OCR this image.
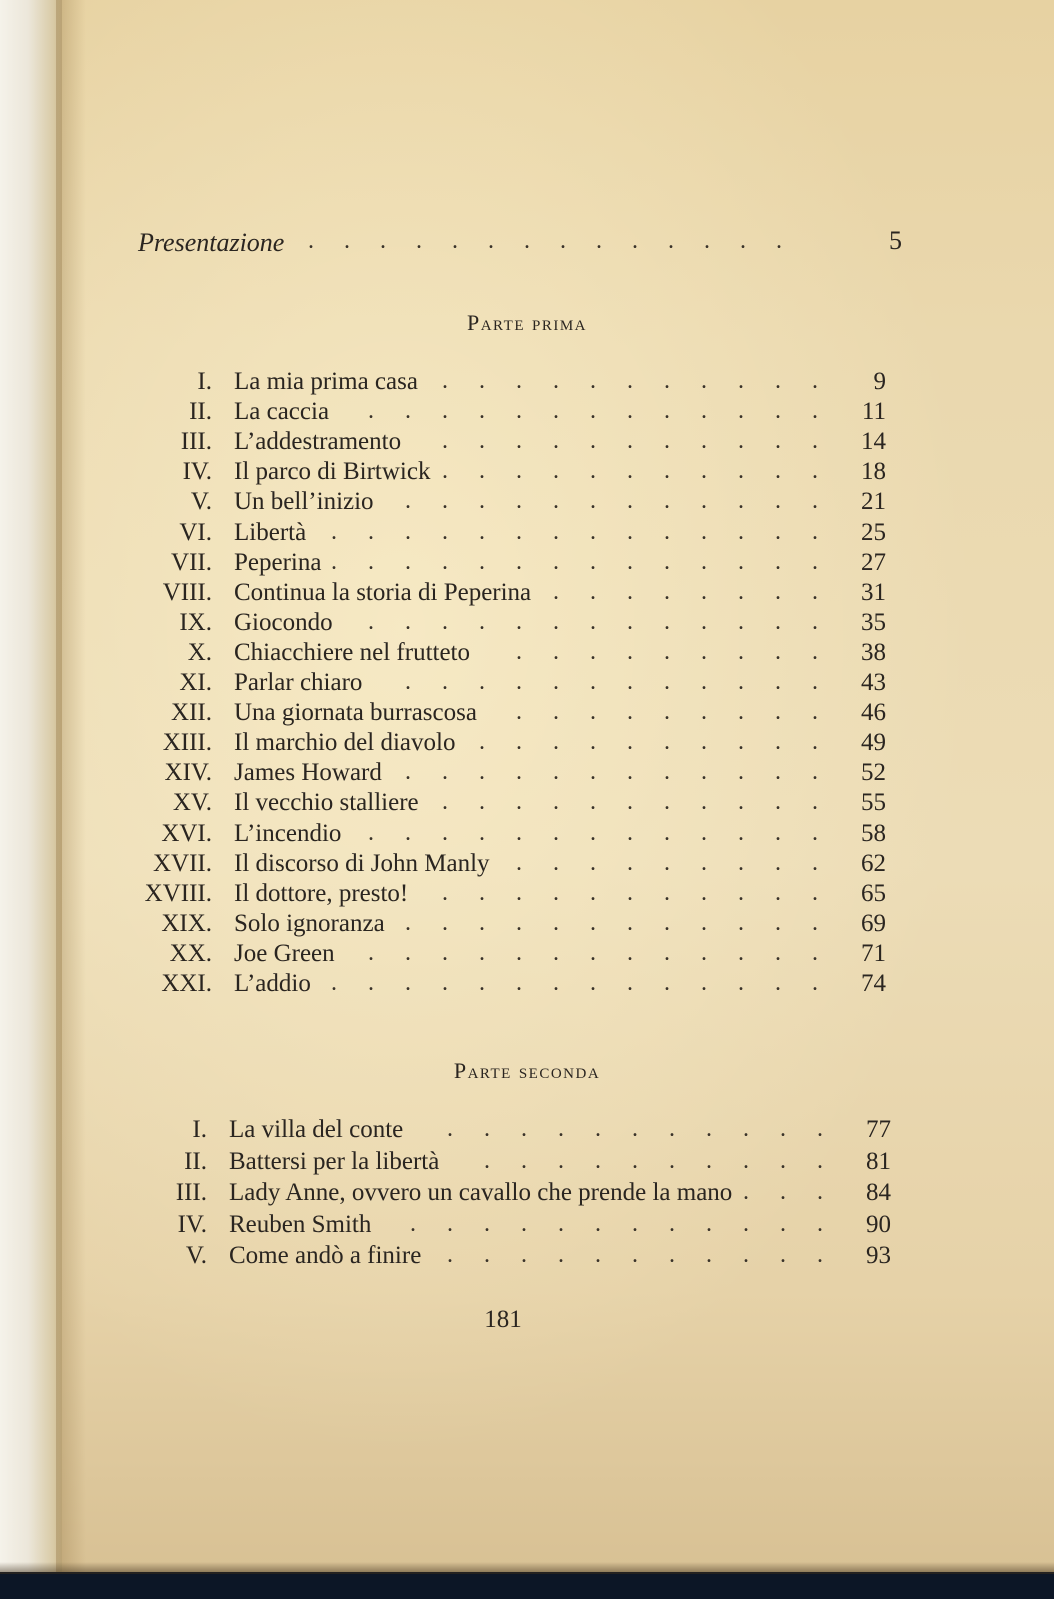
Presentazione .     .     .     .     .     .     .     .     .     .     .     .     .     .	5
Parte prima
I. La mia prima casa . . . . . . . . . . . 9
II. La caccia . . . . . . . . . . . . . 11
III. L’addestramento . . . . . . . . . . . 14
IV. Il parco di Birtwick . . . . . . . . . . . 18
V. Un bell’inizio . . . . . . . . . . . . 21
VI. Libertà . . . . . . . . . . . . . . 25
VII. Peperina . . . . . . . . . . . . . . 27
VIII. Continua la storia di Peperina . . . . . . . . 31
IX. Giocondo . . . . . . . . . . . . . 35
X. Chiacchiere nel frutteto . . . . . . . . . 38
XI. Parlar chiaro . . . . . . . . . . . . 43
XII. Una giornata burrascosa . . . . . . . . . 46
XIII. Il marchio del diavolo . . . . . . . . . . 49
XIV. James Howard . . . . . . . . . . . . 52
XV. Il vecchio stalliere . . . . . . . . . . . 55
XVI. L’incendio . . . . . . . . . . . . . 58
XVII. Il discorso di John Manly . . . . . . . . . 62
XVIII. Il dottore, presto! . . . . . . . . . . . 65
XIX. Solo ignoranza . . . . . . . . . . . . 69
XX. Joe Green . . . . . . . . . . . . . 71
XXI. L’addio . . . . . . . . . . . . . . 74
Parte seconda
I. La villa del conte . . . . . . . . . . . 77
II. Battersi per la libertà . . . . . . . . . . 81
III. Lady Anne, ovvero un cavallo che prende la mano . . . 84
IV. Reuben Smith . . . . . . . . . . . . 90
V. Come andò a finire . . . . . . . . . . . 93
181
